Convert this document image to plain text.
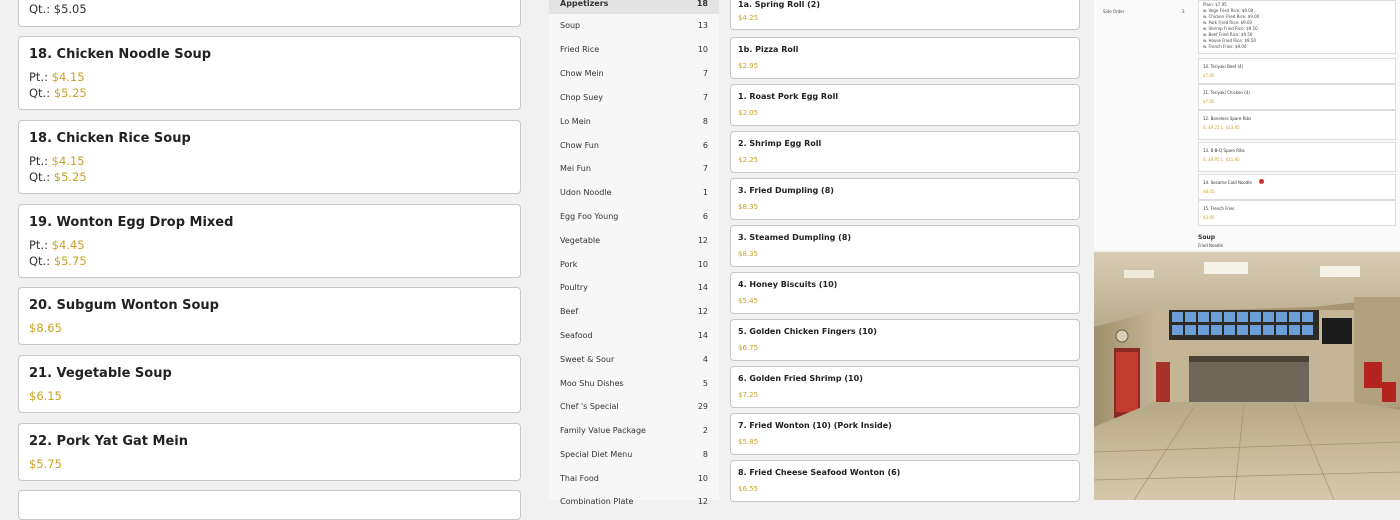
Qt.: $5.05
18. Chicken Noodle Soup
Pt.: $4.15
Qt.: $5.25
18. Chicken Rice Soup
Pt.: $4.15
Qt.: $5.25
19. Wonton Egg Drop Mixed
Pt.: $4.45
Qt.: $5.75
20. Subgum Wonton Soup
$8.65
21. Vegetable Soup
$6.15
22. Pork Yat Gat Mein
$5.75
Appetizers	18
Soup	13
Fried Rice	10
Chow Mein	7
Chop Suey	7
Lo Mein	8
Chow Fun	6
Mei Fun	7
Udon Noodle	1
Egg Foo Young	6
Vegetable	12
Pork	10
Poultry	14
Beef	12
Seafood	14
Sweet & Sour	4
Moo Shu Dishes	5
Chef 's Special	29
Family Value Package	2
Special Diet Menu	8
Thai Food	10
Combination Plate	12
1a. Spring Roll (2)
$4.25
1b. Pizza Roll
$2.95
1. Roast Pork Egg Roll
$2.05
2. Shrimp Egg Roll
$2.25
3. Fried Dumpling (8)
$8.35
3. Steamed Dumpling (8)
$8.35
4. Honey Biscuits (10)
$5.45
5. Golden Chicken Fingers (10)
$6.75
6. Golden Fried Shrimp (10)
$7.25
7. Fried Wonton (10) (Pork Inside)
$5.85
8. Fried Cheese Seafood Wonton (6)
$6.55
Side Order	3
Plain: $7.95
w. Vege Fried Rice: $9.00
w. Chicken Fried Rice: $9.00
w. Pork Fried Rice: $9.00
w. Shrimp Fried Rice: $9.50
w. Beef Fried Rice: $9.50
w. House Fried Rice: $9.50
w. French Fries: $9.00
10. Teriyaki Beef (4)
$7.95
11. Teriyaki Chicken (4)
$7.95
12. Boneless Spare Ribs
S: $9.25 L: $13.85
13. B-B-Q Spare Ribs
S: $9.95 L: $15.95
14. Sesame Cold Noodle
$8.45
15. French Fries
$3.95
Soup
Fried Noodle
